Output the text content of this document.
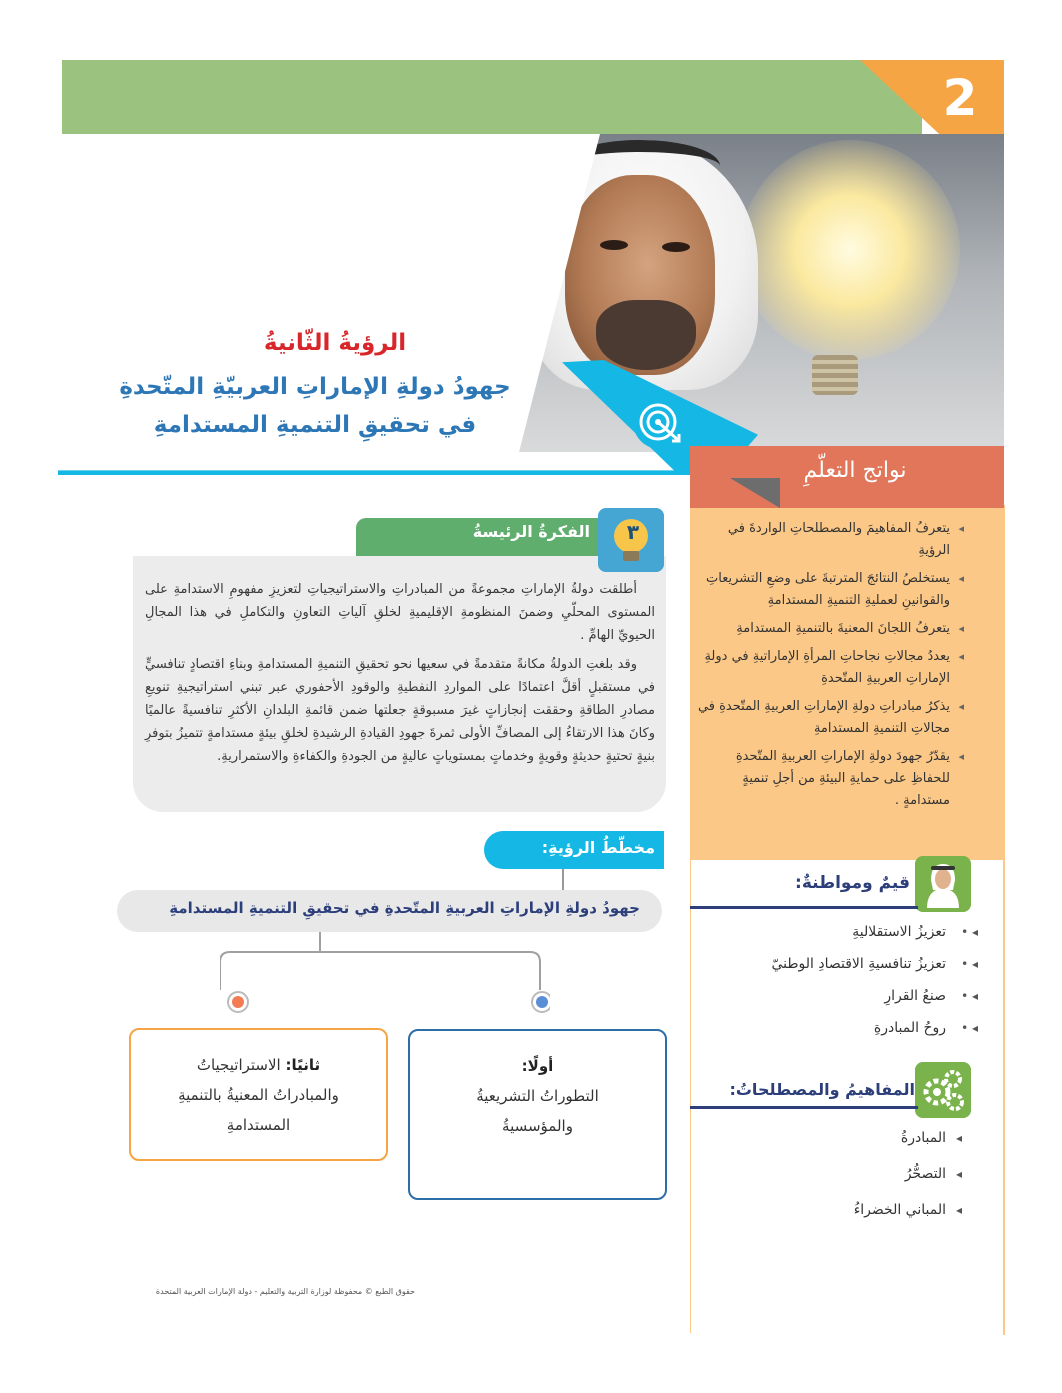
2
الرؤيةُ الثّانيةُ
جهودُ دولةِ الإماراتِ العربيّةِ المتّحدةِ
في تحقيقِ التنميةِ المستدامةِ
نواتج التعلّمِ
◂ يتعرفُ المفاهيمَ والمصطلحاتِ الواردةَ في الرؤيةِ
◂ يستخلصُ النتائجَ المترتبةَ على وضعِ التشريعاتِ والقوانينِ لعمليةِ التنميةِ المستدامةِ
◂ يتعرفُ اللجانَ المعنيةَ بالتنميةِ المستدامةِ
◂ يعددُ مجالاتِ نجاحاتِ المرأةِ الإماراتيةِ في دولةِ الإماراتِ العربيةِ المتّحدةِ
◂ يذكرُ مبادراتِ دولةِ الإماراتِ العربيةِ المتّحدةِ في مجالاتِ التنميةِ المستدامةِ
◂ يقدّرُ جهودَ دولةِ الإماراتِ العربيةِ المتّحدةِ للحفاظِ على حمايةِ البيئةِ من أجلِ تنميةٍ مستدامةٍ .
قيمٌ ومواطنةٌ:
◂ • تعزيزُ الاستقلاليةِ
◂ • تعزيزُ تنافسيةِ الاقتصادِ الوطنيّ
◂ • صنعُ القرارِ
◂ • روحُ المبادرةِ
المفاهيمُ والمصطلحاتُ:
◂ المبادرةُ
◂ التصحُّرُ
◂ المباني الخضراءُ
الفكرةُ الرئيسةُ	٣

أطلقت دولةُ الإماراتِ مجموعةً من المبادراتِ والاستراتيجياتِ لتعزيزِ مفهومِ الاستدامةِ على المستوى المحلّيِ وضمنَ المنظومةِ الإقليميةِ لخلقِ آلياتِ التعاونِ والتكاملِ في هذا المجالِ الحيويِّ الهامِّ .

وقد بلغتِ الدولةُ مكانةً متقدمةً في سعيها نحو تحقيقِ التنميةِ المستدامةِ وبناءِ اقتصادٍ تنافسيٍّ في مستقبلٍ أقلَّ اعتمادًا على المواردِ النفطيةِ والوقودِ الأحفوري عبر تبني استراتيجيةِ تنويعِ مصادرِ الطاقةِ وحققت إنجازاتٍ غيرَ مسبوقةٍ جعلتها ضمن قائمةِ البلدانِ الأكثرِ تنافسيةً عالميًا وكانَ هذا الارتقاءُ إلى المصافِّ الأولى ثمرةَ جهودِ القيادةِ الرشيدةِ لخلقِ بيئةٍ مستدامةٍ تتميزُ بتوفرِ بنيةٍ تحتيةٍ حديثةٍ وقويةٍ وخدماتٍ بمستوياتٍ عاليةٍ من الجودةِ والكفاءةِ والاستمراريةِ.

مخطّطُ الرؤيةِ:
جهودُ دولةِ الإماراتِ العربيةِ المتّحدةِ في تحقيقِ التنميةِ المستدامةِ
أولًا:
التطوراتُ التشريعيةُ
والمؤسسيةُ
ثانيًا: الاستراتيجياتُ
والمبادراتُ المعنيةُ بالتنميةِ
المستدامةِ
حقوق الطبع © محفوظة لوزارة التربية والتعليم - دولة الإمارات العربية المتحدة
